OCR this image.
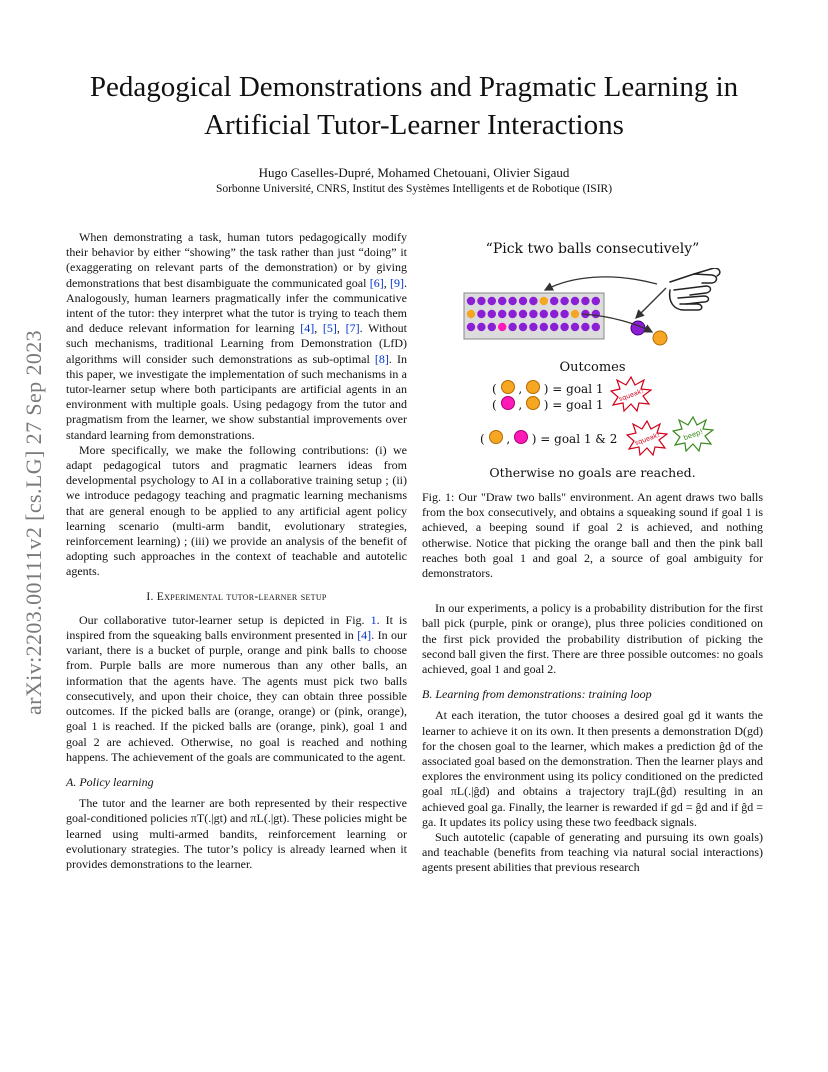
arXiv:2203.00111v2 [cs.LG] 27 Sep 2023
Pedagogical Demonstrations and Pragmatic Learning in Artificial Tutor-Learner Interactions
Hugo Caselles-Dupré, Mohamed Chetouani, Olivier Sigaud
Sorbonne Université, CNRS, Institut des Systèmes Intelligents et de Robotique (ISIR)

When demonstrating a task, human tutors pedagogically modify their behavior by either “showing” the task rather than just “doing” it (exaggerating on relevant parts of the demonstration) or by giving demonstrations that best disambiguate the communicated goal [6], [9]. Analogously, human learners pragmatically infer the communicative intent of the tutor: they interpret what the tutor is trying to teach them and deduce relevant information for learning [4], [5], [7]. Without such mechanisms, traditional Learning from Demonstration (LfD) algorithms will consider such demonstrations as sub-optimal [8]. In this paper, we investigate the implementation of such mechanisms in a tutor-learner setup where both participants are artificial agents in an environment with multiple goals. Using pedagogy from the tutor and pragmatism from the learner, we show substantial improvements over standard learning from demonstrations.

More specifically, we make the following contributions: (i) we adapt pedagogical tutors and pragmatic learners ideas from developmental psychology to AI in a collaborative training setup ; (ii) we introduce pedagogy teaching and pragmatic learning mechanisms that are general enough to be applied to any artificial agent policy learning scenario (multi-arm bandit, evolutionary strategies, reinforcement learning) ; (iii) we provide an analysis of the benefit of adopting such approaches in the context of teachable and autotelic agents.

I. Experimental tutor-learner setup

Our collaborative tutor-learner setup is depicted in Fig. 1. It is inspired from the squeaking balls environment presented in [4]. In our variant, there is a bucket of purple, orange and pink balls to choose from. Purple balls are more numerous than any other balls, an information that the agents have. The agents must pick two balls consecutively, and upon their choice, they can obtain three possible outcomes. If the picked balls are (orange, orange) or (pink, orange), goal 1 is reached. If the picked balls are (orange, pink), goal 1 and goal 2 are achieved. Otherwise, no goal is reached and nothing happens. The achievement of the goals are communicated to the agent.

A. Policy learning

The tutor and the learner are both represented by their respective goal-conditioned policies πT(.|gt) and πL(.|gt). These policies might be learned using multi-armed bandits, reinforcement learning or evolutionary strategies. The tutor’s policy is already learned when it provides demonstrations to the learner.

“Pick two balls consecutively”
Outcomes
(  ,  ) = goal 1
(  ,  ) = goal 1
squeak!
(  ,  ) = goal 1 & 2	squeak!	beep!
Otherwise no goals are reached.

Fig. 1: Our "Draw two balls" environment. An agent draws two balls from the box consecutively, and obtains a squeaking sound if goal 1 is achieved, a beeping sound if goal 2 is achieved, and nothing otherwise. Notice that picking the orange ball and then the pink ball reaches both goal 1 and goal 2, a source of goal ambiguity for demonstrators.

In our experiments, a policy is a probability distribution for the first ball pick (purple, pink or orange), plus three policies conditioned on the first pick provided the probability distribution of picking the second ball given the first. There are three possible outcomes: no goals achieved, goal 1 and goal 2.

B. Learning from demonstrations: training loop

At each iteration, the tutor chooses a desired goal gd it wants the learner to achieve it on its own. It then presents a demonstration D(gd) for the chosen goal to the learner, which makes a prediction ĝd of the associated goal based on the demonstration. Then the learner plays and explores the environment using its policy conditioned on the predicted goal πL(.|ĝd) and obtains a trajectory trajL(ĝd) resulting in an achieved goal ga. Finally, the learner is rewarded if gd = ĝd and if ĝd = ga. It updates its policy using these two feedback signals.

Such autotelic (capable of generating and pursuing its own goals) and teachable (benefits from teaching via natural social interactions) agents present abilities that previous research
